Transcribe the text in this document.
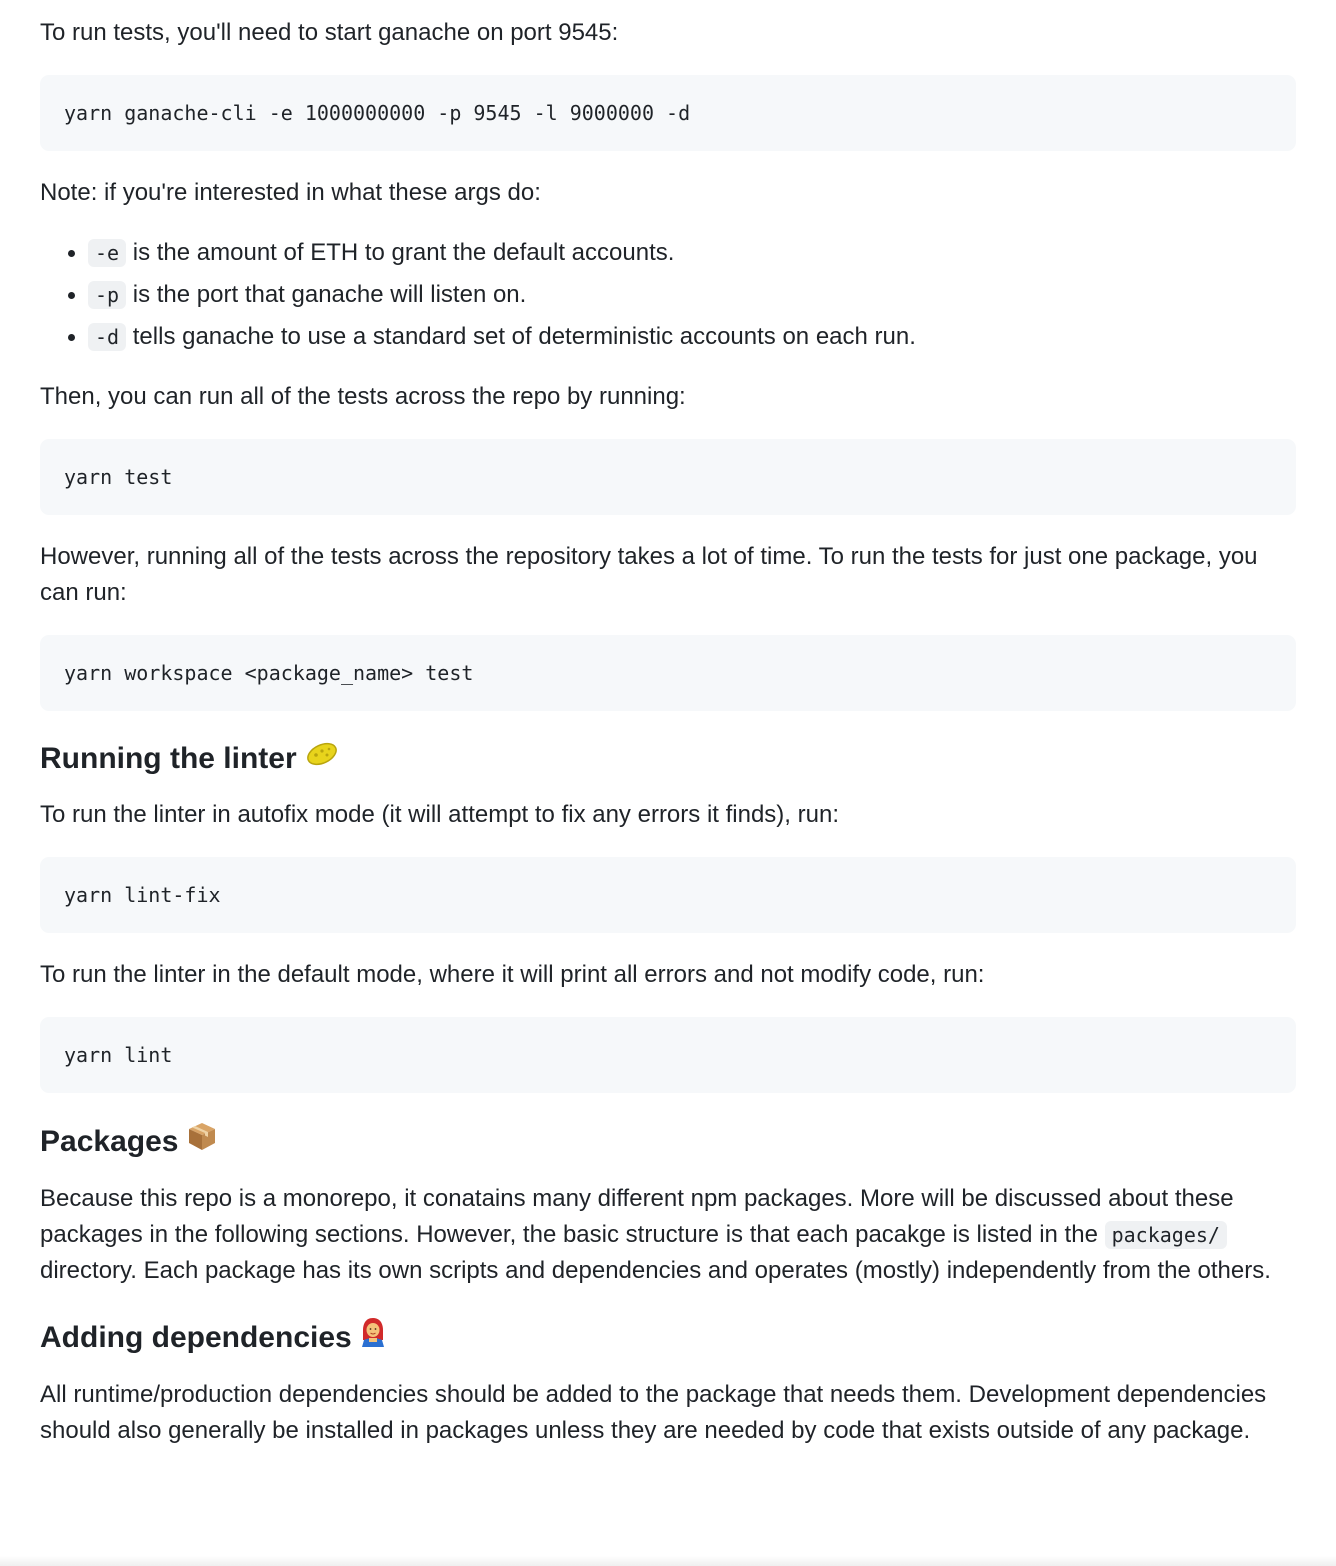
To run tests, you'll need to start ganache on port 9545:

yarn ganache-cli -e 1000000000 -p 9545 -l 9000000 -d

Note: if you're interested in what these args do:

• -e is the amount of ETH to grant the default accounts.
• -p is the port that ganache will listen on.
• -d tells ganache to use a standard set of deterministic accounts on each run.

Then, you can run all of the tests across the repo by running:

yarn test

However, running all of the tests across the repository takes a lot of time. To run the tests for just one package, you can run:

yarn workspace <package_name> test
Running the linter

To run the linter in autofix mode (it will attempt to fix any errors it finds), run:

yarn lint-fix

To run the linter in the default mode, where it will print all errors and not modify code, run:

yarn lint
Packages

Because this repo is a monorepo, it conatains many different npm packages. More will be discussed about these packages in the following sections. However, the basic structure is that each pacakge is listed in the packages/ directory. Each package has its own scripts and dependencies and operates (mostly) independently from the others.

Adding dependencies

All runtime/production dependencies should be added to the package that needs them. Development dependencies should also generally be installed in packages unless they are needed by code that exists outside of any package.
